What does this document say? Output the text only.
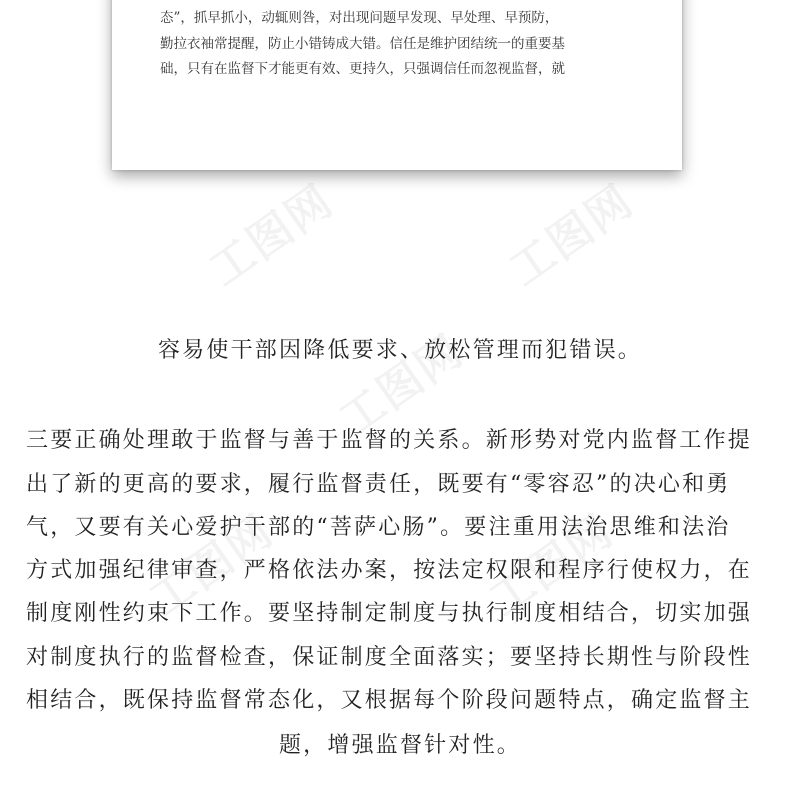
工图网	工图网
工图网
工图网	工图网
态”，抓早抓小，动辄则咎，对出现问题早发现、早处理、早预防，
勤拉衣袖常提醒，防止小错铸成大错。信任是维护团结统一的重要基
础，只有在监督下才能更有效、更持久，只强调信任而忽视监督，就
容易使干部因降低要求、放松管理而犯错误。
三要正确处理敢于监督与善于监督的关系。新形势对党内监督工作提
出了新的更高的要求，履行监督责任，既要有“零容忍”的决心和勇
气，又要有关心爱护干部的“菩萨心肠”。要注重用法治思维和法治
方式加强纪律审查，严格依法办案，按法定权限和程序行使权力，在
制度刚性约束下工作。要坚持制定制度与执行制度相结合，切实加强
对制度执行的监督检查，保证制度全面落实；要坚持长期性与阶段性
相结合，既保持监督常态化，又根据每个阶段问题特点，确定监督主
题，增强监督针对性。
